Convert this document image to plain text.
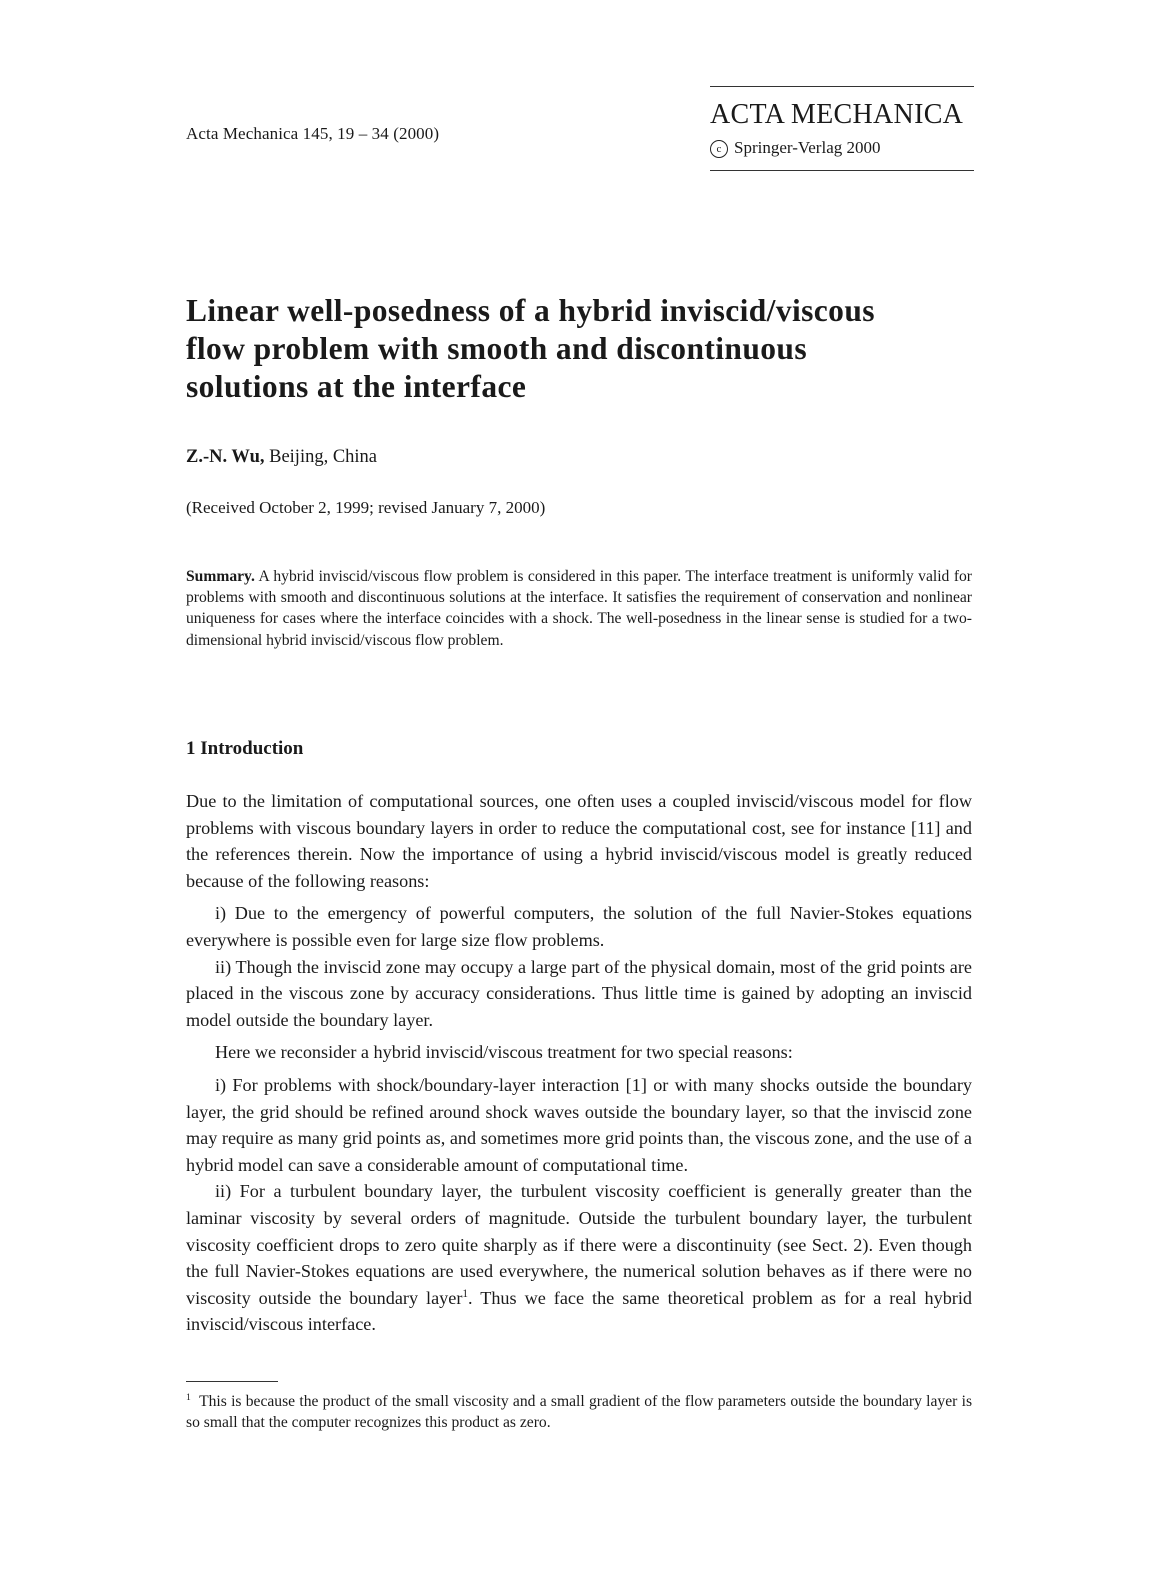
Acta Mechanica 145, 19 – 34 (2000)
ACTA MECHANICA
c Springer-Verlag 2000
Linear well-posedness of a hybrid inviscid/viscous
flow problem with smooth and discontinuous
solutions at the interface
Z.-N. Wu, Beijing, China
(Received October 2, 1999; revised January 7, 2000)
Summary. A hybrid inviscid/viscous flow problem is considered in this paper. The interface treatment is uniformly valid for problems with smooth and discontinuous solutions at the interface. It satisfies the requirement of conservation and nonlinear uniqueness for cases where the interface coincides with a shock. The well-posedness in the linear sense is studied for a two-dimensional hybrid inviscid/viscous flow problem.
1 Introduction

Due to the limitation of computational sources, one often uses a coupled inviscid/viscous model for flow problems with viscous boundary layers in order to reduce the computational cost, see for instance [11] and the references therein. Now the importance of using a hybrid inviscid/viscous model is greatly reduced because of the following reasons:

i) Due to the emergency of powerful computers, the solution of the full Navier-Stokes equations everywhere is possible even for large size flow problems.

ii) Though the inviscid zone may occupy a large part of the physical domain, most of the grid points are placed in the viscous zone by accuracy considerations. Thus little time is gained by adopting an inviscid model outside the boundary layer.

Here we reconsider a hybrid inviscid/viscous treatment for two special reasons:

i) For problems with shock/boundary-layer interaction [1] or with many shocks outside the boundary layer, the grid should be refined around shock waves outside the boundary layer, so that the inviscid zone may require as many grid points as, and sometimes more grid points than, the viscous zone, and the use of a hybrid model can save a considerable amount of computational time.

ii) For a turbulent boundary layer, the turbulent viscosity coefficient is generally greater than the laminar viscosity by several orders of magnitude. Outside the turbulent boundary layer, the turbulent viscosity coefficient drops to zero quite sharply as if there were a discontinuity (see Sect. 2). Even though the full Navier-Stokes equations are used everywhere, the numerical solution behaves as if there were no viscosity outside the boundary layer$^1$. Thus we face the same theoretical problem as for a real hybrid inviscid/viscous interface.

$^1$ This is because the product of the small viscosity and a small gradient of the flow parameters outside the boundary layer is so small that the computer recognizes this product as zero.
